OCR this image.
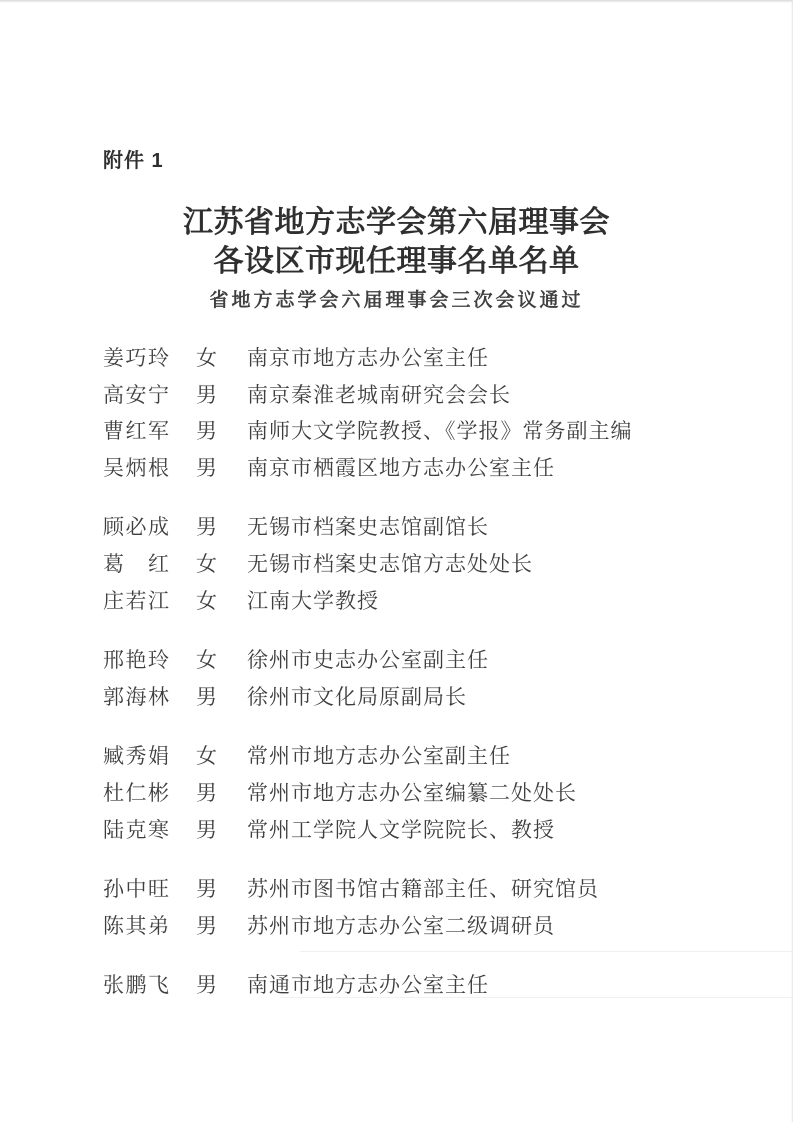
附件 1
江苏省地方志学会第六届理事会
各设区市现任理事名单名单

省地方志学会六届理事会三次会议通过

姜巧玲 女 南京市地方志办公室主任
高安宁 男 南京秦淮老城南研究会会长
曹红军 男 南师大文学院教授、《学报》常务副主编
吴炳根 男 南京市栖霞区地方志办公室主任
顾必成 男 无锡市档案史志馆副馆长
葛红 女 无锡市档案史志馆方志处处长
庄若江 女 江南大学教授
邢艳玲 女 徐州市史志办公室副主任
郭海林 男 徐州市文化局原副局长
臧秀娟 女 常州市地方志办公室副主任
杜仁彬 男 常州市地方志办公室编纂二处处长
陆克寒 男 常州工学院人文学院院长、教授
孙中旺 男 苏州市图书馆古籍部主任、研究馆员
陈其弟 男 苏州市地方志办公室二级调研员
张鹏飞 男 南通市地方志办公室主任
